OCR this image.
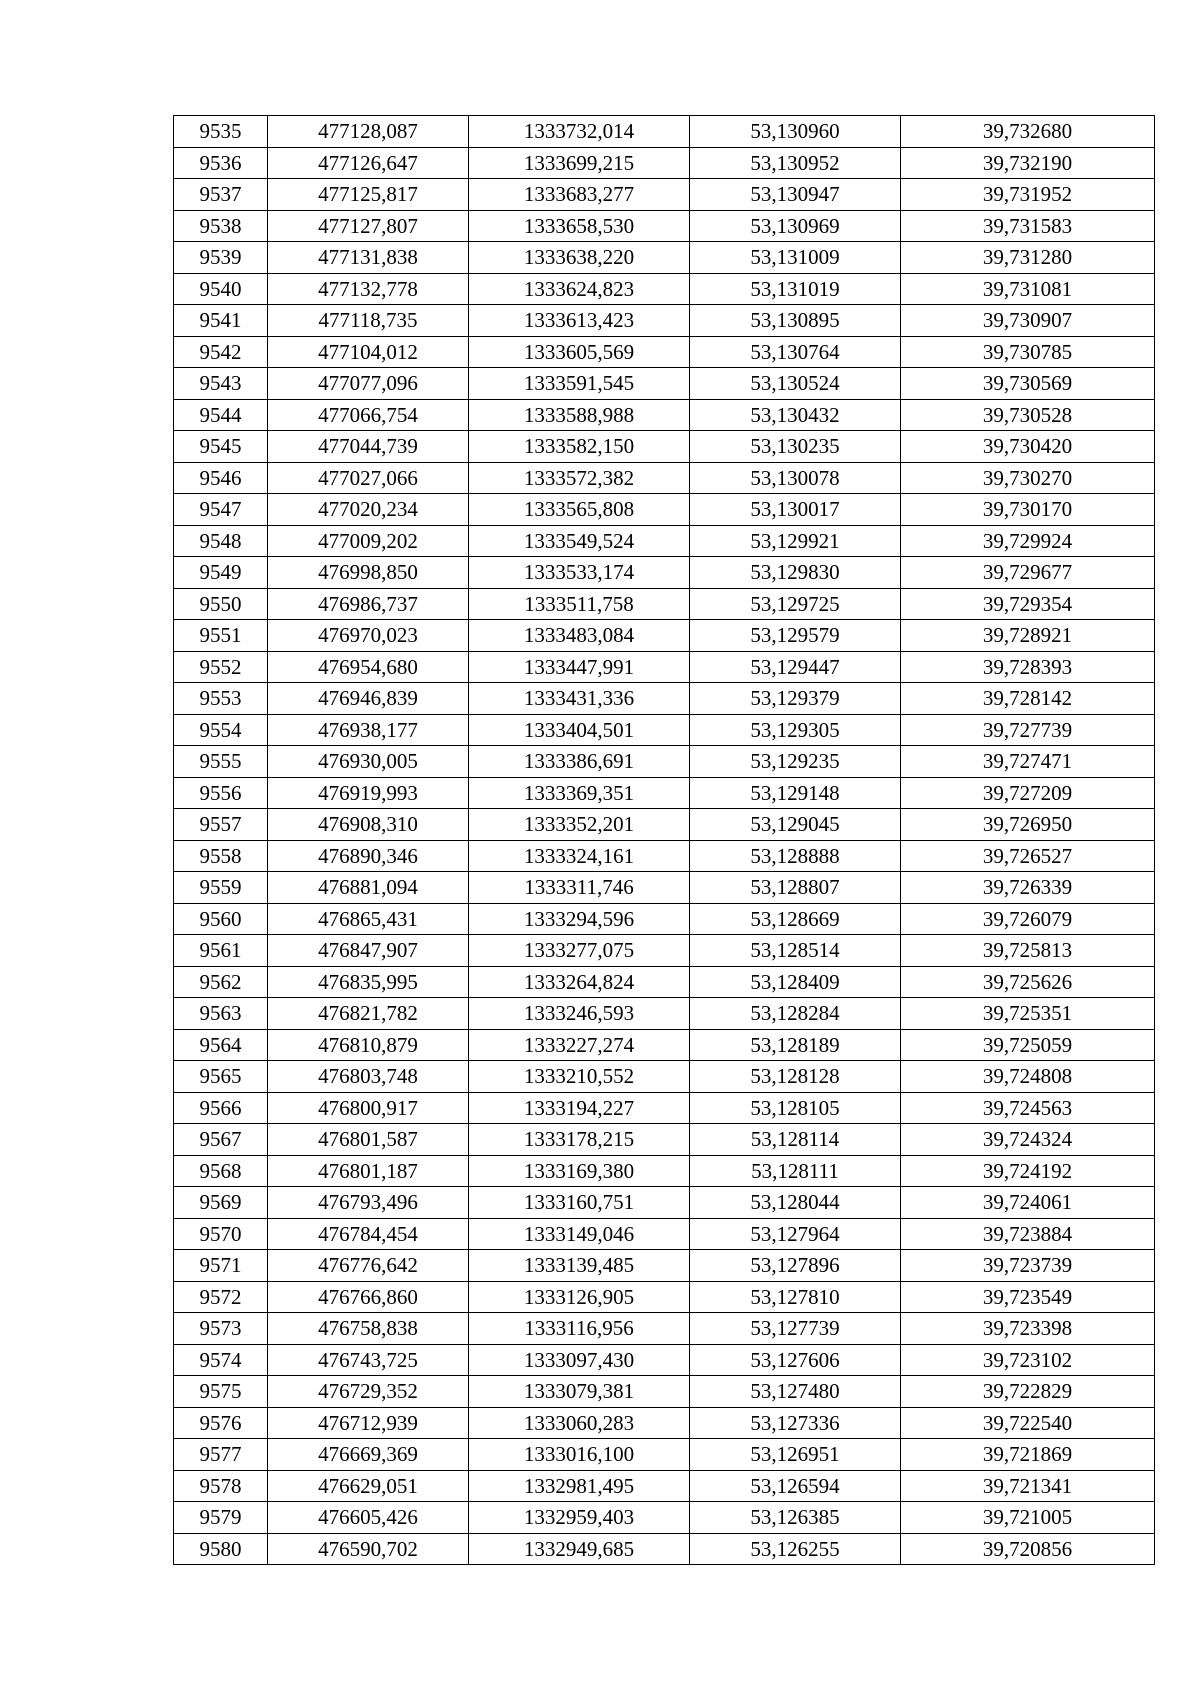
9535	477128,087	1333732,014	53,130960	39,732680
9536	477126,647	1333699,215	53,130952	39,732190
9537	477125,817	1333683,277	53,130947	39,731952
9538	477127,807	1333658,530	53,130969	39,731583
9539	477131,838	1333638,220	53,131009	39,731280
9540	477132,778	1333624,823	53,131019	39,731081
9541	477118,735	1333613,423	53,130895	39,730907
9542	477104,012	1333605,569	53,130764	39,730785
9543	477077,096	1333591,545	53,130524	39,730569
9544	477066,754	1333588,988	53,130432	39,730528
9545	477044,739	1333582,150	53,130235	39,730420
9546	477027,066	1333572,382	53,130078	39,730270
9547	477020,234	1333565,808	53,130017	39,730170
9548	477009,202	1333549,524	53,129921	39,729924
9549	476998,850	1333533,174	53,129830	39,729677
9550	476986,737	1333511,758	53,129725	39,729354
9551	476970,023	1333483,084	53,129579	39,728921
9552	476954,680	1333447,991	53,129447	39,728393
9553	476946,839	1333431,336	53,129379	39,728142
9554	476938,177	1333404,501	53,129305	39,727739
9555	476930,005	1333386,691	53,129235	39,727471
9556	476919,993	1333369,351	53,129148	39,727209
9557	476908,310	1333352,201	53,129045	39,726950
9558	476890,346	1333324,161	53,128888	39,726527
9559	476881,094	1333311,746	53,128807	39,726339
9560	476865,431	1333294,596	53,128669	39,726079
9561	476847,907	1333277,075	53,128514	39,725813
9562	476835,995	1333264,824	53,128409	39,725626
9563	476821,782	1333246,593	53,128284	39,725351
9564	476810,879	1333227,274	53,128189	39,725059
9565	476803,748	1333210,552	53,128128	39,724808
9566	476800,917	1333194,227	53,128105	39,724563
9567	476801,587	1333178,215	53,128114	39,724324
9568	476801,187	1333169,380	53,128111	39,724192
9569	476793,496	1333160,751	53,128044	39,724061
9570	476784,454	1333149,046	53,127964	39,723884
9571	476776,642	1333139,485	53,127896	39,723739
9572	476766,860	1333126,905	53,127810	39,723549
9573	476758,838	1333116,956	53,127739	39,723398
9574	476743,725	1333097,430	53,127606	39,723102
9575	476729,352	1333079,381	53,127480	39,722829
9576	476712,939	1333060,283	53,127336	39,722540
9577	476669,369	1333016,100	53,126951	39,721869
9578	476629,051	1332981,495	53,126594	39,721341
9579	476605,426	1332959,403	53,126385	39,721005
9580	476590,702	1332949,685	53,126255	39,720856
